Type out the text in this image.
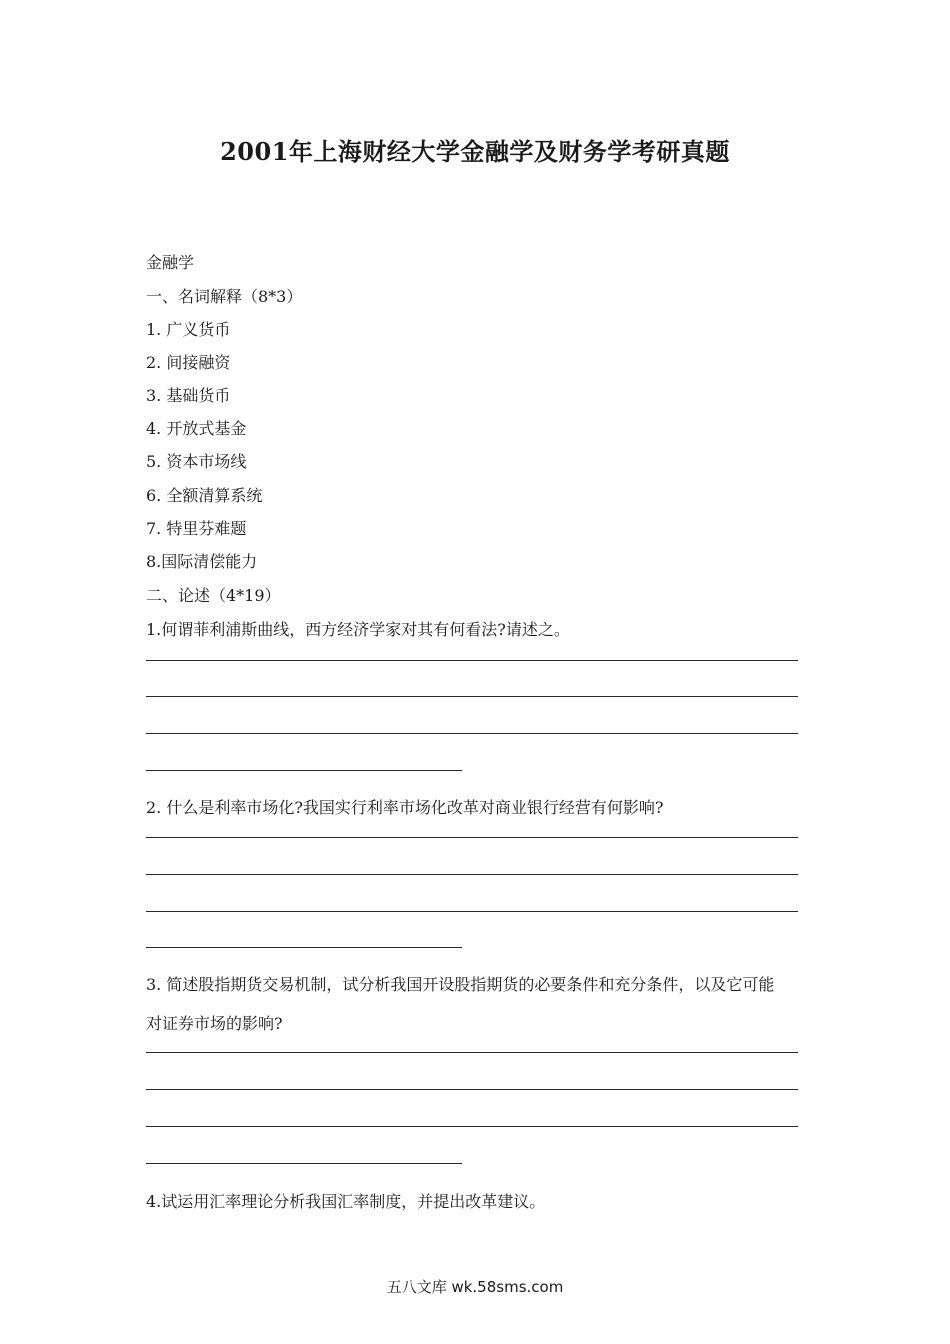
2001年上海财经大学金融学及财务学考研真题
金融学
一、名词解释（8*3）
1. 广义货币
2. 间接融资
3. 基础货币
4. 开放式基金
5. 资本市场线
6. 全额清算系统
7. 特里芬难题
8.国际清偿能力
二、论述（4*19）
1.何谓菲利浦斯曲线，西方经济学家对其有何看法?请述之。
2. 什么是利率市场化?我国实行利率市场化改革对商业银行经营有何影响?
3. 简述股指期货交易机制，试分析我国开设股指期货的必要条件和充分条件，以及它可能
对证券市场的影响?
4.试运用汇率理论分析我国汇率制度，并提出改革建议。
五八文库 wk.58sms.com
